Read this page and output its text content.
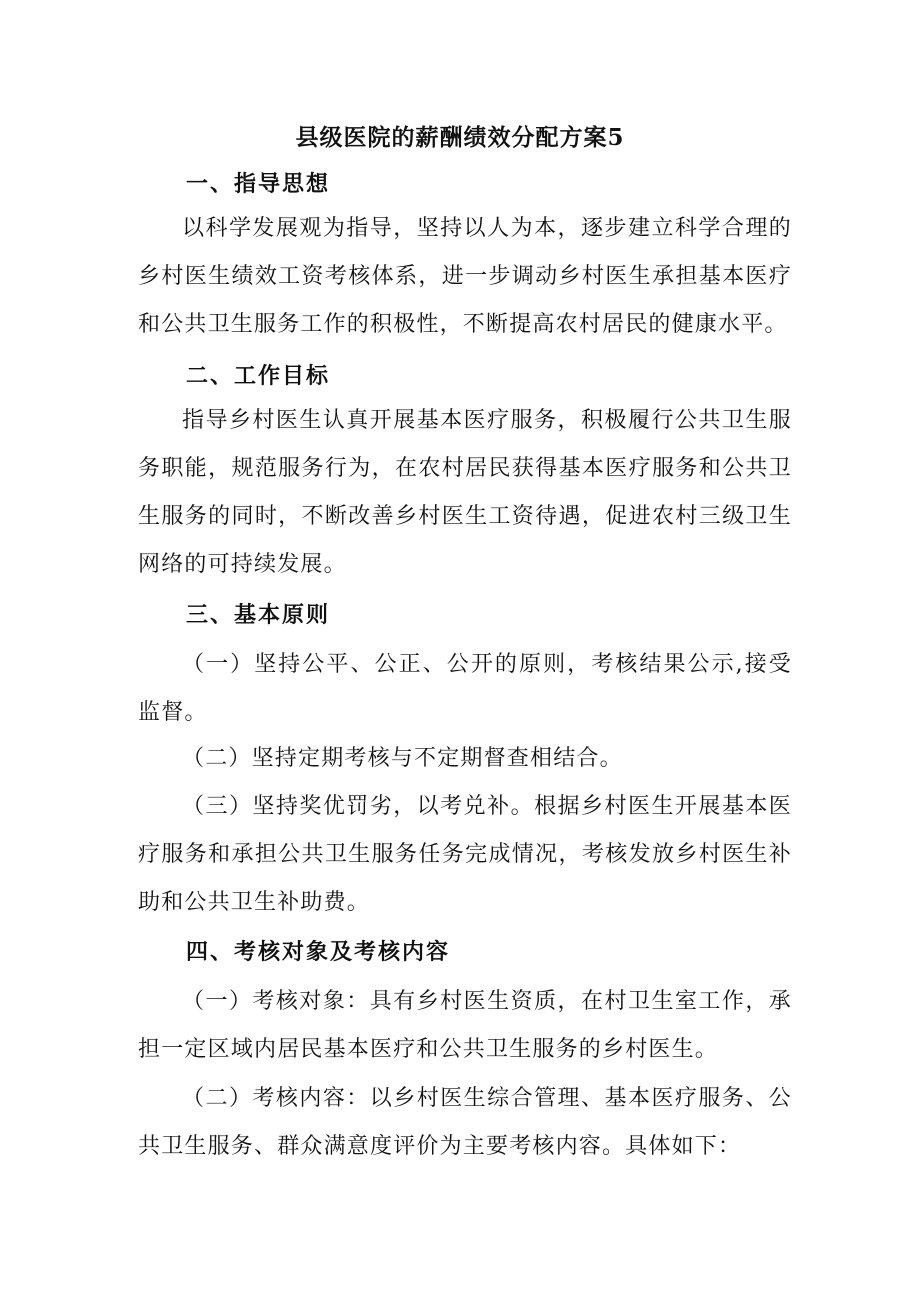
县级医院的薪酬绩效分配方案5
一、指导思想

以科学发展观为指导，坚持以人为本，逐步建立科学合理的乡村医生绩效工资考核体系，进一步调动乡村医生承担基本医疗和公共卫生服务工作的积极性，不断提高农村居民的健康水平。

二、工作目标

指导乡村医生认真开展基本医疗服务，积极履行公共卫生服务职能，规范服务行为，在农村居民获得基本医疗服务和公共卫生服务的同时，不断改善乡村医生工资待遇，促进农村三级卫生网络的可持续发展。

三、基本原则

（一）坚持公平、公正、公开的原则，考核结果公示,接受监督。

（二）坚持定期考核与不定期督查相结合。

（三）坚持奖优罚劣，以考兑补。根据乡村医生开展基本医疗服务和承担公共卫生服务任务完成情况，考核发放乡村医生补助和公共卫生补助费。

四、考核对象及考核内容

（一）考核对象：具有乡村医生资质，在村卫生室工作，承担一定区域内居民基本医疗和公共卫生服务的乡村医生。

（二）考核内容：以乡村医生综合管理、基本医疗服务、公共卫生服务、群众满意度评价为主要考核内容。具体如下：
